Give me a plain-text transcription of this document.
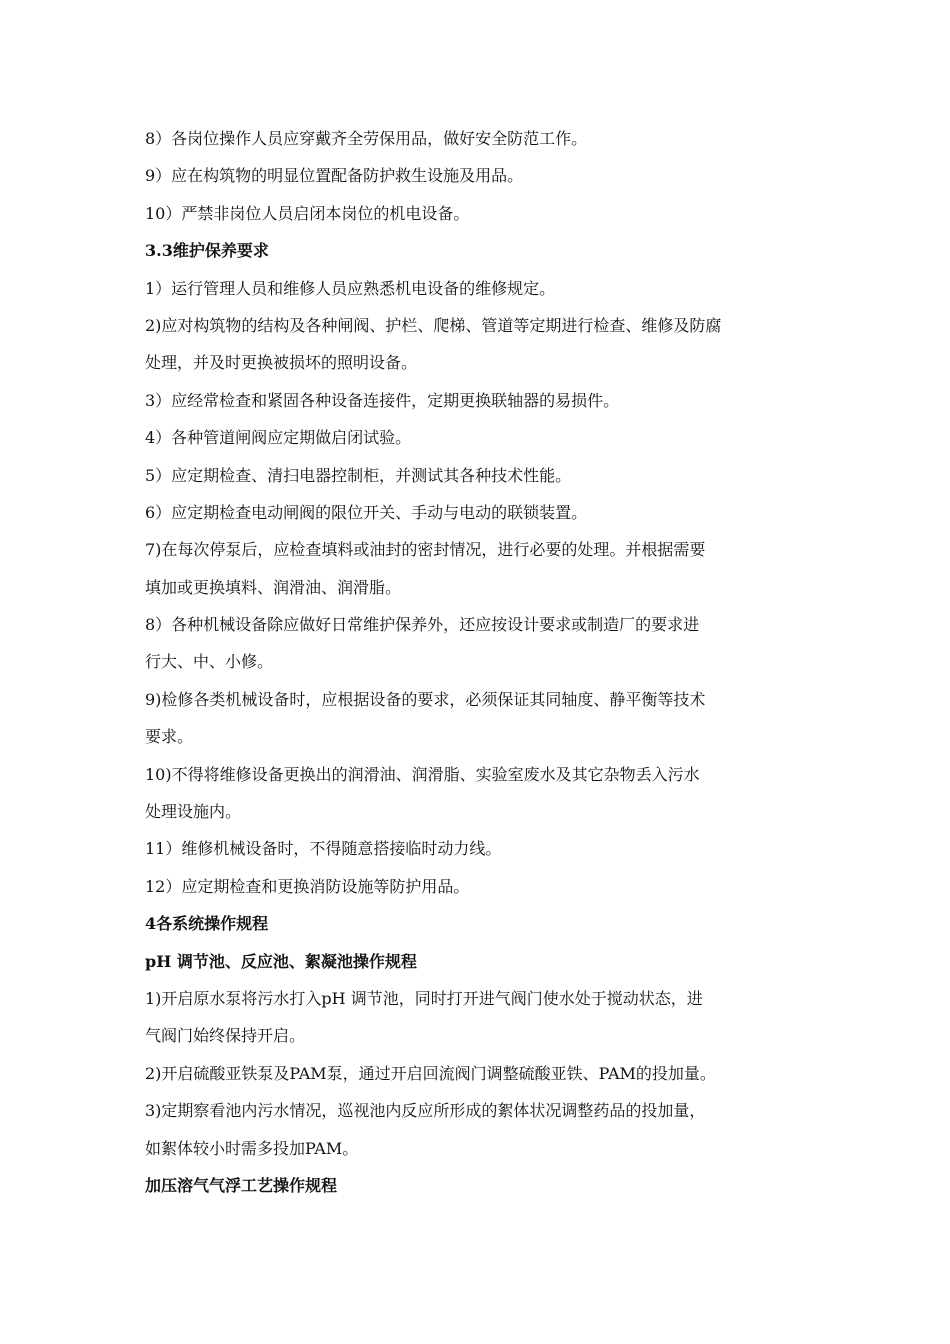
8）各岗位操作人员应穿戴齐全劳保用品，做好安全防范工作。
9）应在构筑物的明显位置配备防护救生设施及用品。
10）严禁非岗位人员启闭本岗位的机电设备。
3.3维护保养要求
1）运行管理人员和维修人员应熟悉机电设备的维修规定。
2)应对构筑物的结构及各种闸阀、护栏、爬梯、管道等定期进行检查、维修及防腐
处理，并及时更换被损坏的照明设备。
3）应经常检查和紧固各种设备连接件，定期更换联轴器的易损件。
4）各种管道闸阀应定期做启闭试验。
5）应定期检查、清扫电器控制柜，并测试其各种技术性能。
6）应定期检查电动闸阀的限位开关、手动与电动的联锁装置。
7)在每次停泵后，应检查填料或油封的密封情况，进行必要的处理。并根据需要
填加或更换填料、润滑油、润滑脂。
8）各种机械设备除应做好日常维护保养外，还应按设计要求或制造厂的要求进
行大、中、小修。
9)检修各类机械设备时，应根据设备的要求，必须保证其同轴度、静平衡等技术
要求。
10)不得将维修设备更换出的润滑油、润滑脂、实验室废水及其它杂物丢入污水
处理设施内。
11）维修机械设备时，不得随意搭接临时动力线。
12）应定期检查和更换消防设施等防护用品。
4各系统操作规程
pH 调节池、反应池、絮凝池操作规程
1)开启原水泵将污水打入pH 调节池，同时打开进气阀门使水处于搅动状态，进
气阀门始终保持开启。
2)开启硫酸亚铁泵及PAM泵，通过开启回流阀门调整硫酸亚铁、PAM的投加量。
3)定期察看池内污水情况，巡视池内反应所形成的絮体状况调整药品的投加量，
如絮体较小时需多投加PAM。
加压溶气气浮工艺操作规程
